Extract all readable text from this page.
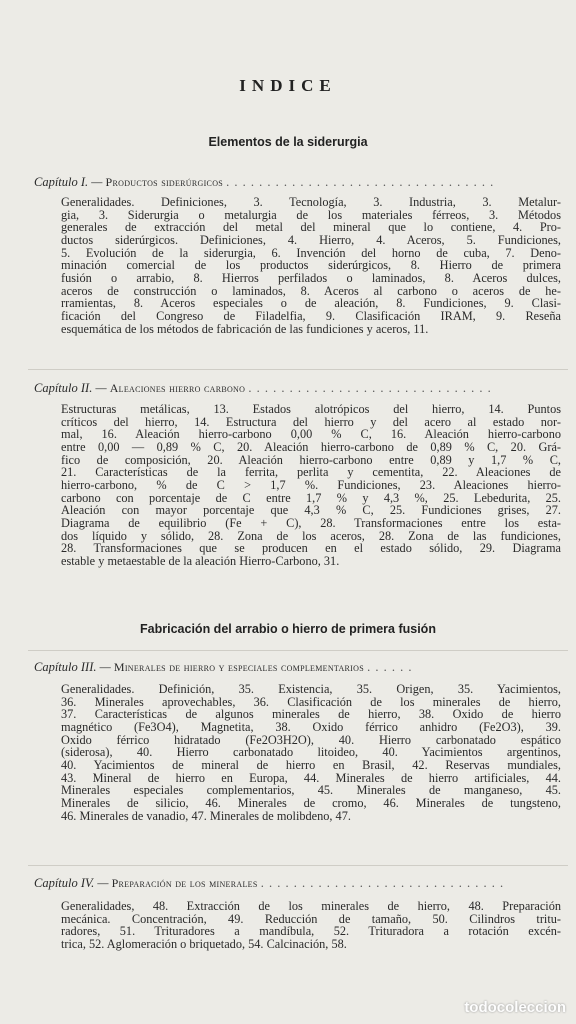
INDICE
Elementos de la siderurgia
Capítulo I. — Productos siderúrgicos . . . . . . . . . . . . . . . . . . . . . . . . . . . . . . . . .
Generalidades. Definiciones, 3. Tecnología, 3. Industria, 3. Metalur-
gia, 3. Siderurgia o metalurgia de los materiales férreos, 3. Métodos
generales de extracción del metal del mineral que lo contiene, 4. Pro-
ductos siderúrgicos. Definiciones, 4. Hierro, 4. Aceros, 5. Fundiciones,
5. Evolución de la siderurgia, 6. Invención del horno de cuba, 7. Deno-
minación comercial de los productos siderúrgicos, 8. Hierro de primera
fusión o arrabio, 8. Hierros perfilados o laminados, 8. Aceros dulces,
aceros de construcción o laminados, 8. Aceros al carbono o aceros de he-
rramientas, 8. Aceros especiales o de aleación, 8. Fundiciones, 9. Clasi-
ficación del Congreso de Filadelfia, 9. Clasificación IRAM, 9. Reseña
esquemática de los métodos de fabricación de las fundiciones y aceros, 11.
Capítulo II. — Aleaciones hierro carbono . . . . . . . . . . . . . . . . . . . . . . . . . . . . . .
Estructuras metálicas, 13. Estados alotrópicos del hierro, 14. Puntos
críticos del hierro, 14. Estructura del hierro y del acero al estado nor-
mal, 16. Aleación hierro-carbono 0,00 % C, 16. Aleación hierro-carbono
entre 0,00 — 0,89 % C, 20. Aleación hierro-carbono de 0,89 % C, 20. Grá-
fico de composición, 20. Aleación hierro-carbono entre 0,89 y 1,7 % C,
21. Características de la ferrita, perlita y cementita, 22. Aleaciones de
hierro-carbono, % de C > 1,7 %. Fundiciones, 23. Aleaciones hierro-
carbono con porcentaje de C entre 1,7 % y 4,3 %, 25. Lebedurita, 25.
Aleación con mayor porcentaje que 4,3 % C, 25. Fundiciones grises, 27.
Diagrama de equilibrio (Fe + C), 28. Transformaciones entre los esta-
dos líquido y sólido, 28. Zona de los aceros, 28. Zona de las fundiciones,
28. Transformaciones que se producen en el estado sólido, 29. Diagrama
estable y metaestable de la aleación Hierro-Carbono, 31.
Fabricación del arrabio o hierro de primera fusión
Capítulo III. — Minerales de hierro y especiales complementarios . . . . . .
Generalidades. Definición, 35. Existencia, 35. Origen, 35. Yacimientos,
36. Minerales aprovechables, 36. Clasificación de los minerales de hierro,
37. Características de algunos minerales de hierro, 38. Oxido de hierro
magnético (Fe3O4), Magnetita, 38. Oxido férrico anhidro (Fe2O3), 39.
Oxido férrico hidratado (Fe2O3H2O), 40. Hierro carbonatado espático
(siderosa), 40. Hierro carbonatado litoideo, 40. Yacimientos argentinos,
40. Yacimientos de mineral de hierro en Brasil, 42. Reservas mundiales,
43. Mineral de hierro en Europa, 44. Minerales de hierro artificiales, 44.
Minerales especiales complementarios, 45. Minerales de manganeso, 45.
Minerales de silicio, 46. Minerales de cromo, 46. Minerales de tungsteno,
46. Minerales de vanadio, 47. Minerales de molibdeno, 47.
Capítulo IV. — Preparación de los minerales . . . . . . . . . . . . . . . . . . . . . . . . . . . . . .
Generalidades, 48. Extracción de los minerales de hierro, 48. Preparación
mecánica. Concentración, 49. Reducción de tamaño, 50. Cilindros tritu-
radores, 51. Trituradores a mandíbula, 52. Trituradora a rotación excén-
trica, 52. Aglomeración o briquetado, 54. Calcinación, 58.
todocoleccion
